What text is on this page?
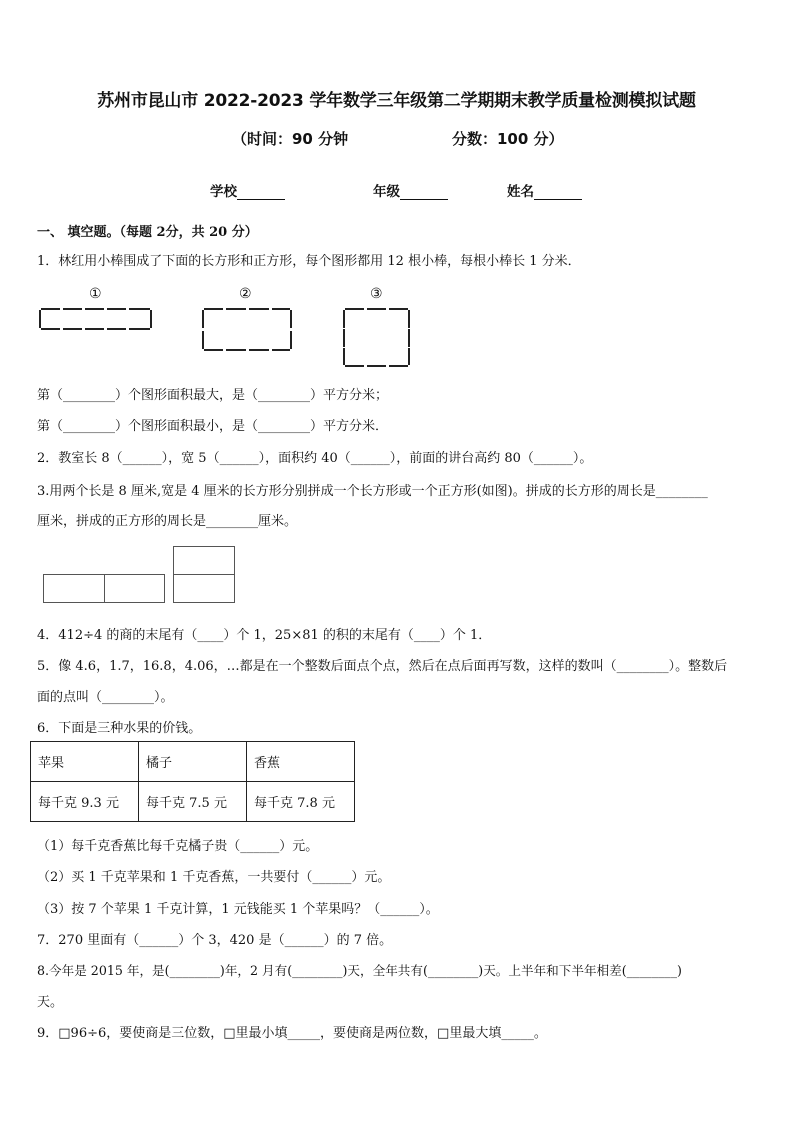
苏州市昆山市 2022-2023 学年数学三年级第二学期期末教学质量检测模拟试题
（时间：90 分钟	分数：100 分）
学校	年级	姓名
一、 填空题。（每题 2分，共 20 分）
1．林红用小棒围成了下面的长方形和正方形，每个图形都用 12 根小棒，每根小棒长 1 分米．
①	②	③
第（________）个图形面积最大，是（________）平方分米；
第（________）个图形面积最小，是（________）平方分米．
2．教室长 8（______），宽 5（______），面积约 40（______），前面的讲台高约 80（______）。
3.用两个长是 8 厘米,宽是 4 厘米的长方形分别拼成一个长方形或一个正方形(如图)。拼成的长方形的周长是________
厘米，拼成的正方形的周长是________厘米。
4．412÷4 的商的末尾有（____）个 1，25×81 的积的末尾有（____）个 1．
5．像 4.6，1.7，16.8，4.06，…都是在一个整数后面点个点，然后在点后面再写数，这样的数叫（________）。整数后
面的点叫（________）。
6．下面是三种水果的价钱。
苹果	橘子	香蕉
每千克 9.3 元	每千克 7.5 元	每千克 7.8 元
（1）每千克香蕉比每千克橘子贵（______）元。
（2）买 1 千克苹果和 1 千克香蕉，一共要付（______）元。
（3）按 7 个苹果 1 千克计算，1 元钱能买 1 个苹果吗？（______）。
7．270 里面有（______）个 3，420 是（______）的 7 倍。
8.今年是 2015 年，是(________)年，2 月有(________)天，全年共有(________)天。上半年和下半年相差(________)
天。
9．□96÷6，要使商是三位数，□里最小填_____，要使商是两位数，□里最大填_____。
